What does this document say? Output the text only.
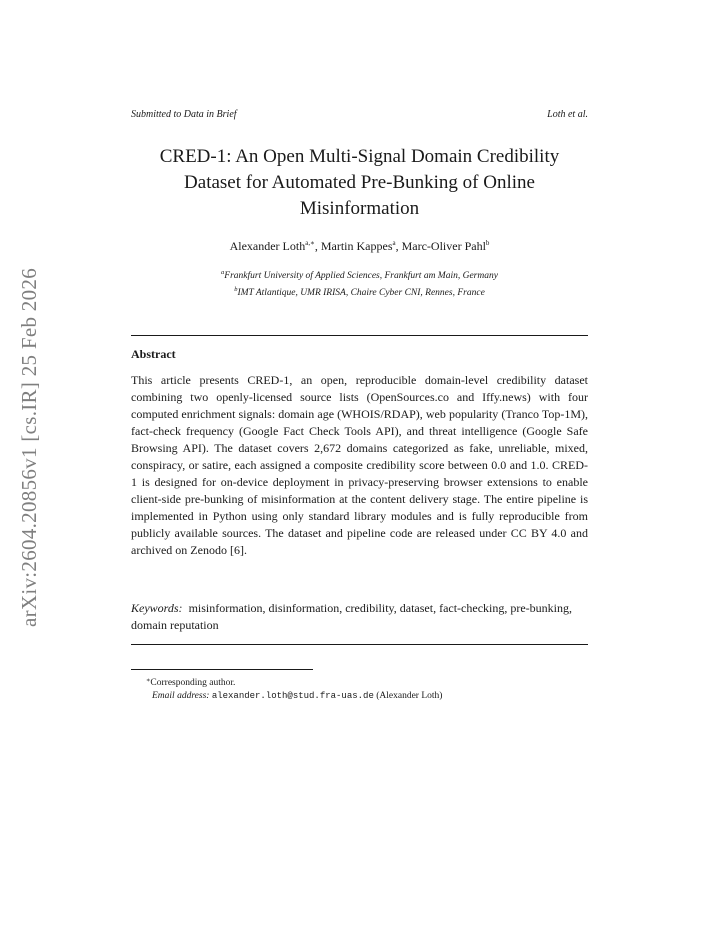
arXiv:2604.20856v1 [cs.IR] 25 Feb 2026
Submitted to Data in Brief	Loth et al.
CRED-1: An Open Multi-Signal Domain Credibility Dataset for Automated Pre-Bunking of Online Misinformation
Alexander Loth$^{a,∗}$, Martin Kappes$^a$, Marc-Oliver Pahl$^b$
$^a$Frankfurt University of Applied Sciences, Frankfurt am Main, Germany
$^b$IMT Atlantique, UMR IRISA, Chaire Cyber CNI, Rennes, France
Abstract
This article presents CRED-1, an open, reproducible domain-level credibility dataset combining two openly-licensed source lists (OpenSources.co and Iffy.news) with four computed enrichment signals: domain age (WHOIS/RDAP), web popularity (Tranco Top-1M), fact-check frequency (Google Fact Check Tools API), and threat intelligence (Google Safe Browsing API). The dataset covers 2,672 domains categorized as fake, unreliable, mixed, conspiracy, or satire, each assigned a composite credibility score between 0.0 and 1.0. CRED-1 is designed for on-device deployment in privacy-preserving browser extensions to enable client-side pre-bunking of misinformation at the content delivery stage. The entire pipeline is implemented in Python using only standard library modules and is fully reproducible from publicly available sources. The dataset and pipeline code are released under CC BY 4.0 and archived on Zenodo [6].
Keywords: misinformation, disinformation, credibility, dataset, fact-checking, pre-bunking, domain reputation
∗Corresponding author.
Email address: alexander.loth@stud.fra-uas.de (Alexander Loth)
